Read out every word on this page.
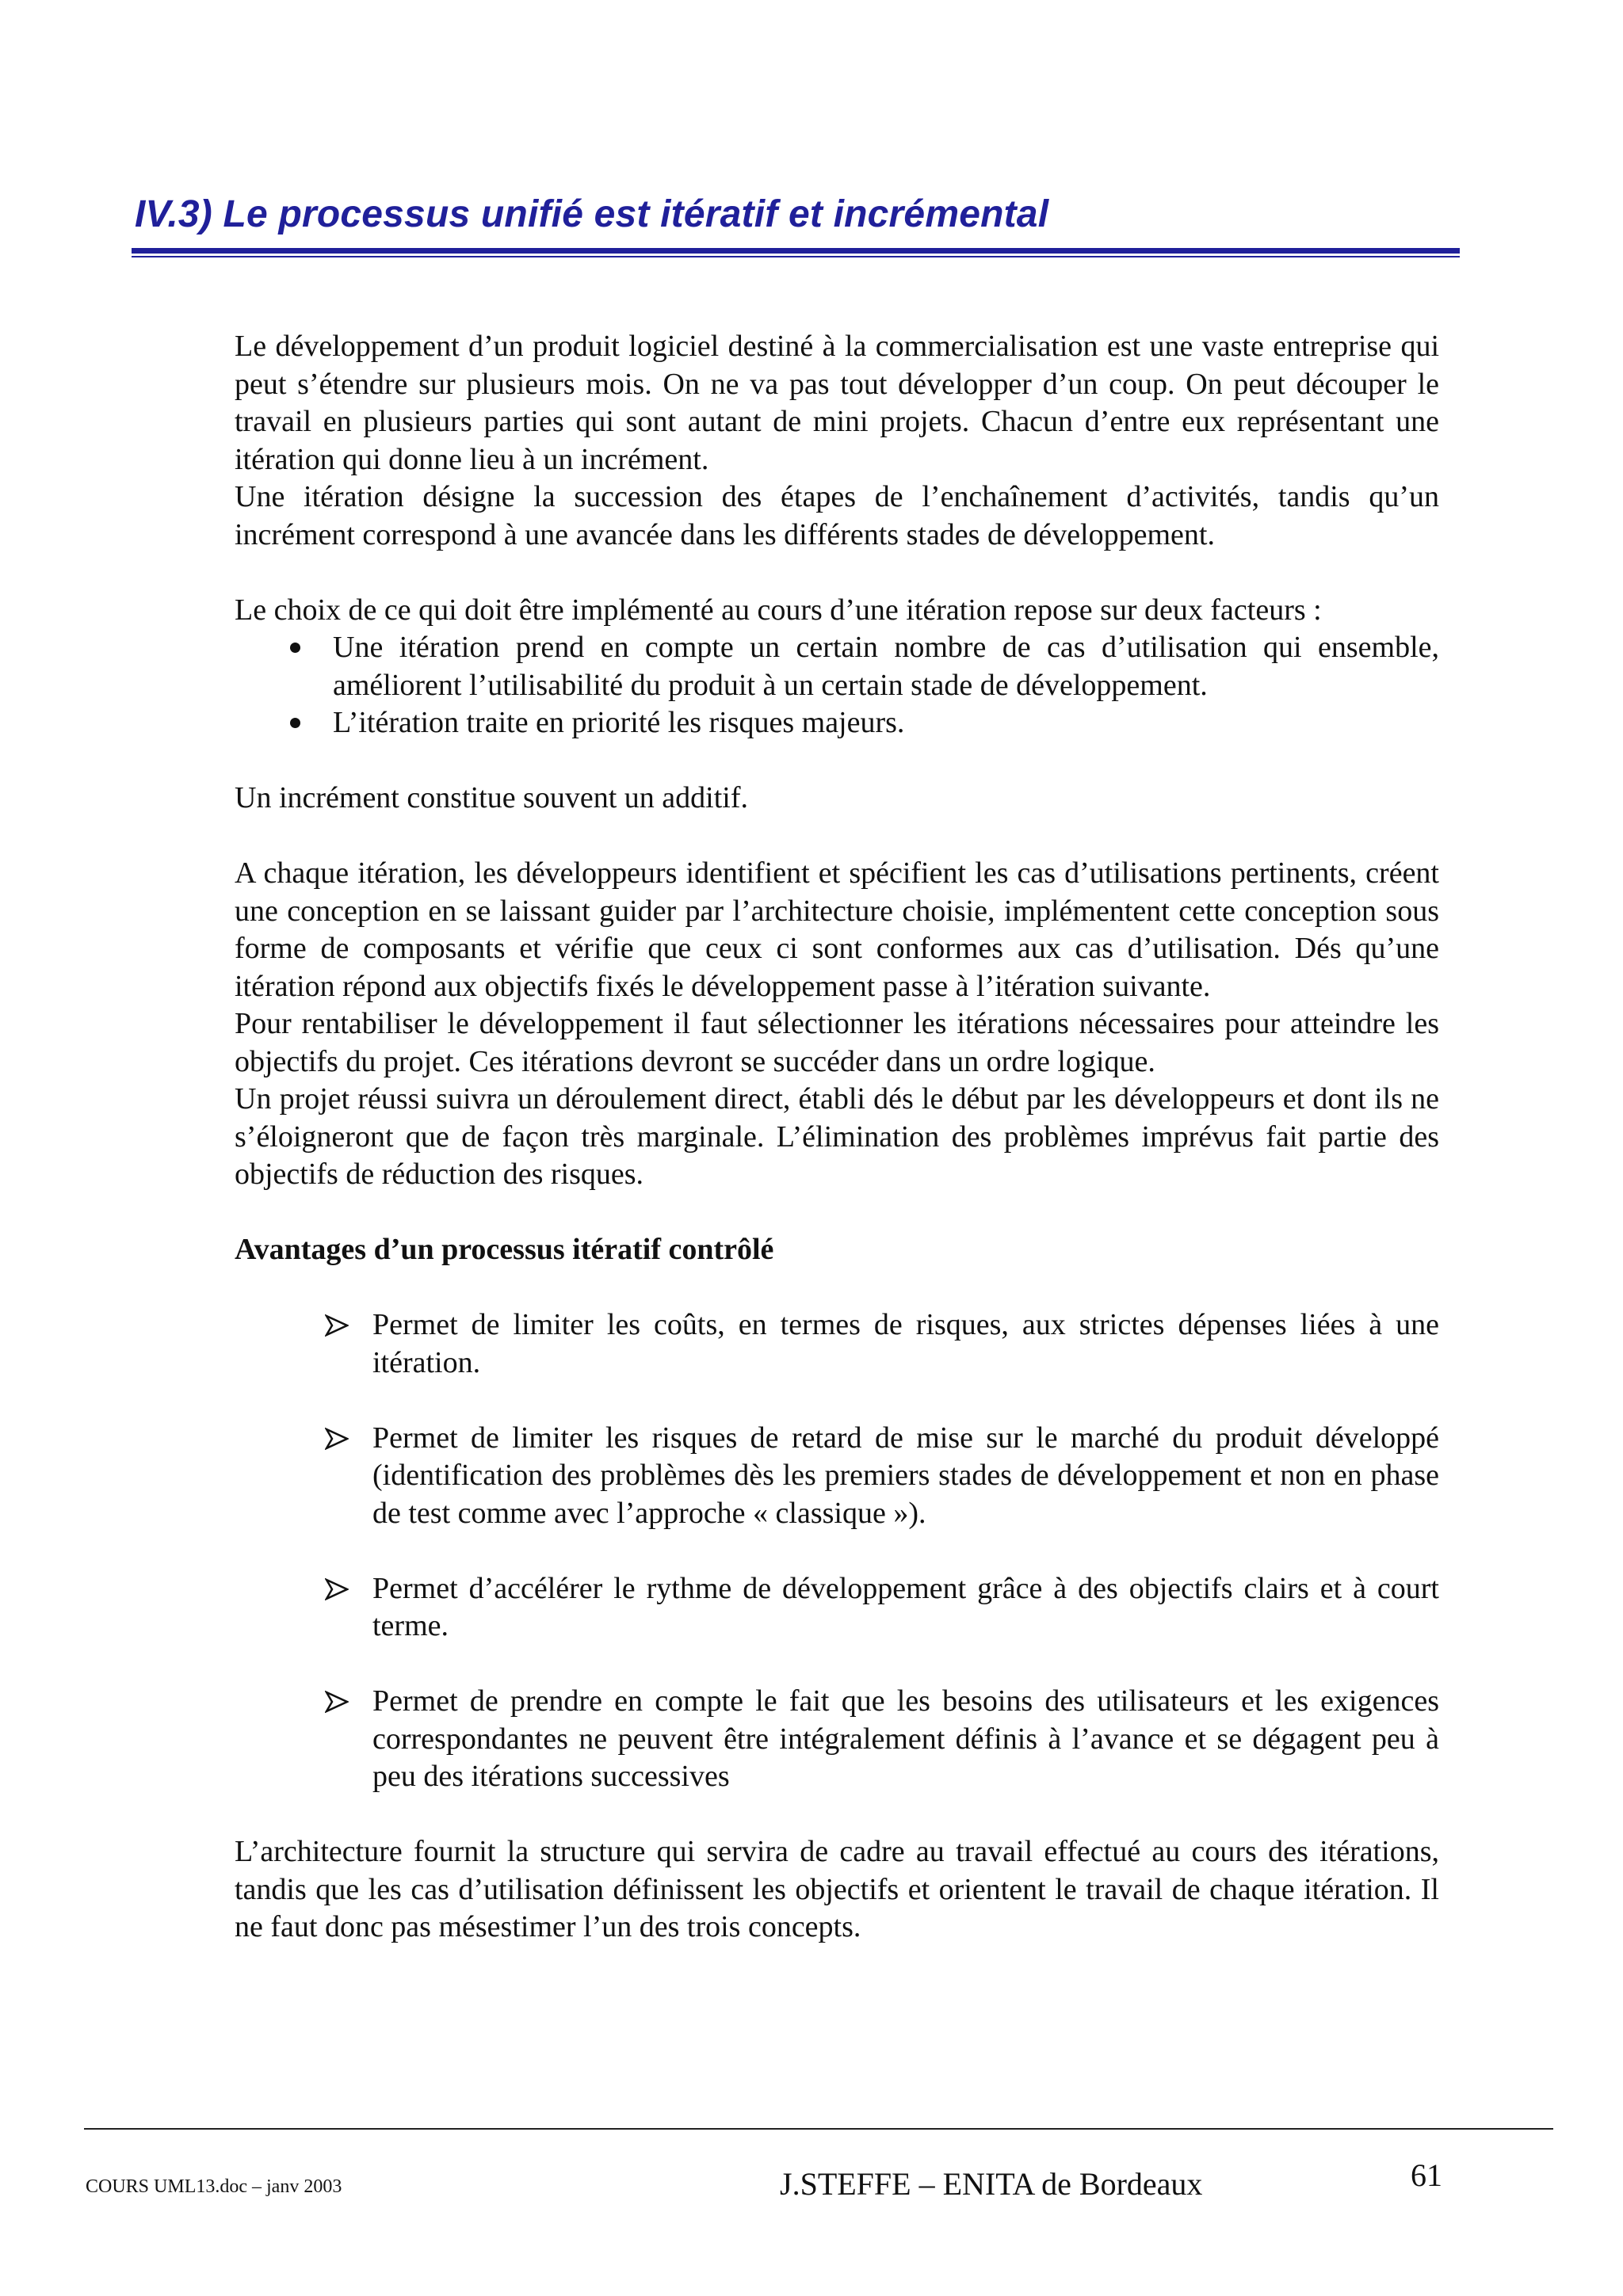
IV.3) Le processus unifié est itératif et incrémental

Le développement d’un produit logiciel destiné à la commercialisation est une vaste entreprise qui peut s’étendre sur plusieurs mois. On ne va pas tout développer d’un coup. On peut découper le travail en plusieurs parties qui sont autant de mini projets. Chacun d’entre eux représentant une itération qui donne lieu à un incrément.

Une itération désigne la succession des étapes de l’enchaînement d’activités, tandis qu’un incrément correspond à une avancée dans les différents stades de développement.

Le choix de ce qui doit être implémenté au cours d’une itération repose sur deux facteurs :

Une itération prend en compte un certain nombre de cas d’utilisation qui ensemble, améliorent l’utilisabilité du produit à un certain stade de développement.
L’itération traite en priorité les risques majeurs.

Un incrément constitue souvent un additif.

A chaque itération, les développeurs identifient et spécifient les cas d’utilisations pertinents, créent une conception en se laissant guider par l’architecture choisie, implémentent cette conception sous forme de composants et vérifie que ceux ci sont conformes aux cas d’utilisation. Dés qu’une itération répond aux objectifs fixés le développement passe à l’itération suivante.

Pour rentabiliser le développement il faut sélectionner les itérations nécessaires pour atteindre les objectifs du projet. Ces itérations devront se succéder dans un ordre logique.

Un projet réussi suivra un déroulement direct, établi dés le début par les développeurs et dont ils ne s’éloigneront que de façon très marginale. L’élimination des problèmes imprévus fait partie des objectifs de réduction des risques.

Avantages d’un processus itératif contrôlé

Permet de limiter les coûts, en termes de risques, aux strictes dépenses liées à une itération.
Permet de limiter les risques de retard de mise sur le marché du produit développé (identification des problèmes dès les premiers stades de développement et non en phase de test comme avec l’approche « classique »).
Permet d’accélérer le rythme de développement grâce à des objectifs clairs et à court terme.
Permet de prendre en compte le fait que les besoins des utilisateurs et les exigences correspondantes ne peuvent être intégralement définis à l’avance et se dégagent peu à peu des itérations successives

L’architecture fournit la structure qui servira de cadre au travail effectué au cours des itérations, tandis que les cas d’utilisation définissent les objectifs et orientent le travail de chaque itération. Il ne faut donc pas mésestimer l’un des trois concepts.

COURS UML13.doc – janv 2003	J.STEFFE – ENITA de Bordeaux	61
